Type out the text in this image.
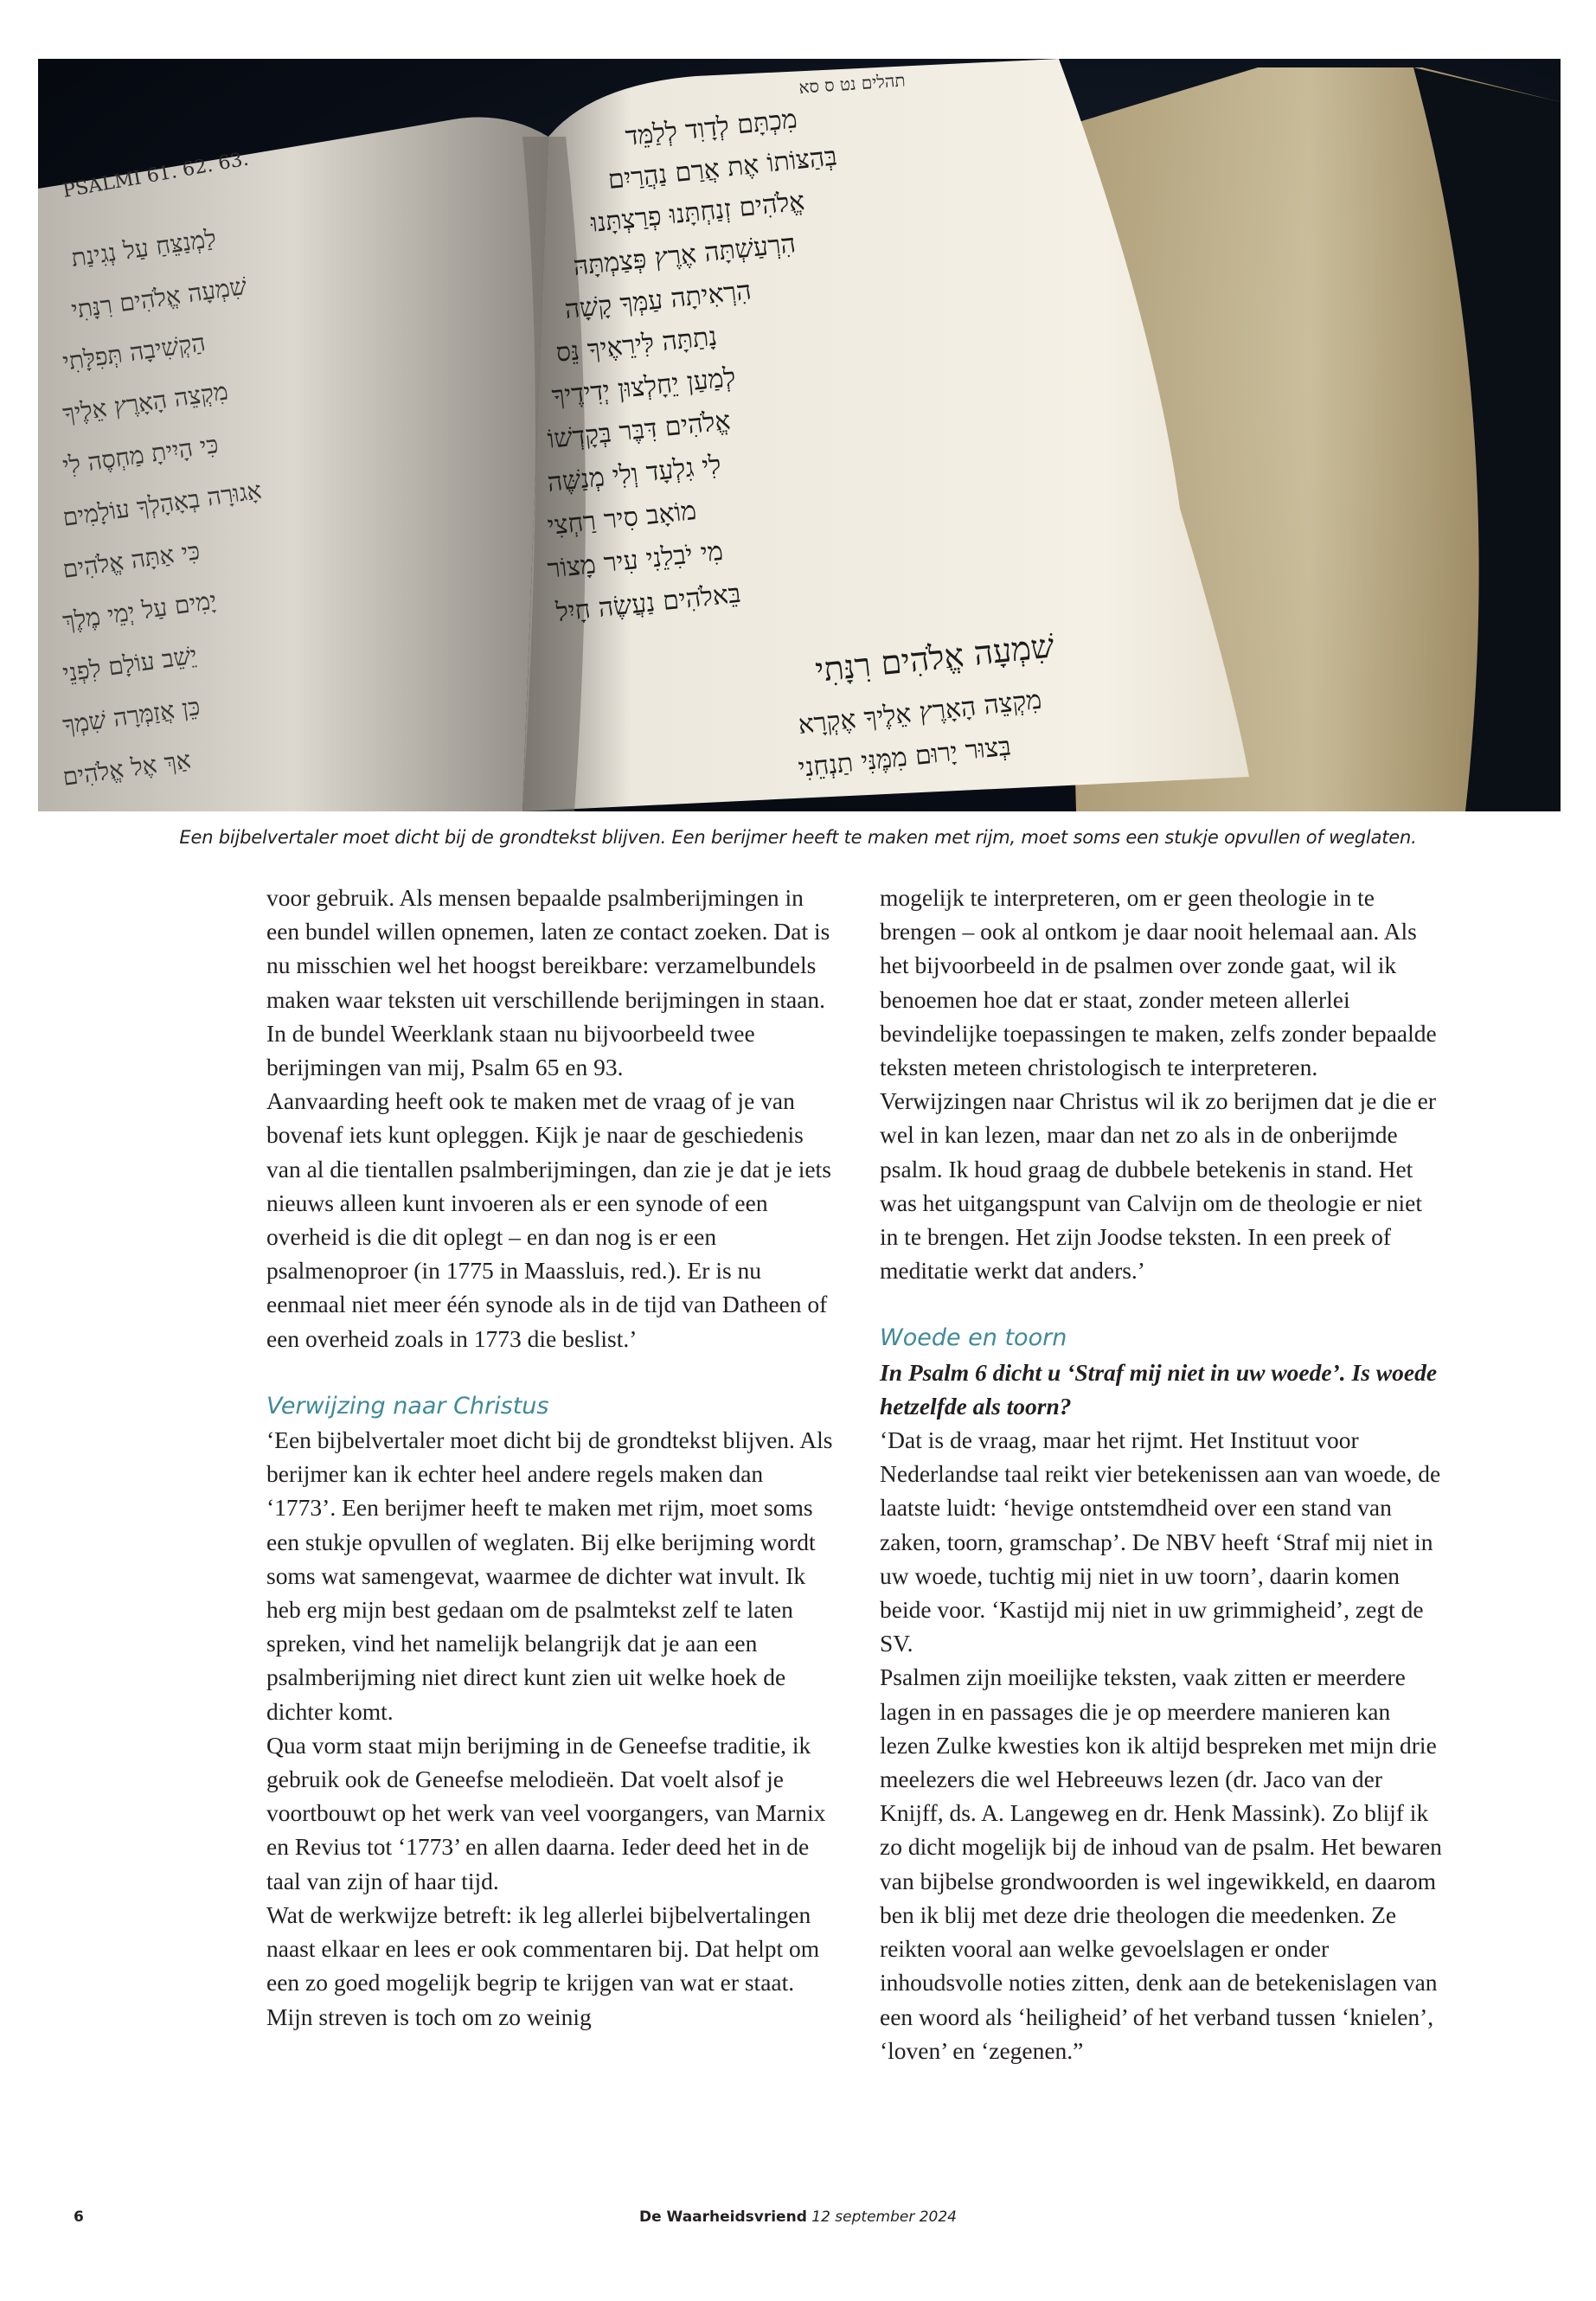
מִכְתָּם לְדָוִד לְלַמֵּד
בְּהַצּוֹתוֹ אֶת אֲרַם נַהֲרַיִם
אֱלֹהִים זְנַחְתָּנוּ פְרַצְתָּנוּ
הִרְעַשְׁתָּה אֶרֶץ פְּצַמְתָּהּ
הִרְאִיתָה עַמְּךָ קָשָׁה
נָתַתָּה לִּירֵאֶיךָ נֵּס
לְמַעַן יֵחָלְצוּן יְדִידֶיךָ
אֱלֹהִים דִּבֶּר בְּקָדְשׁוֹ
לִי גִלְעָד וְלִי מְנַשֶּׁה
מוֹאָב סִיר רַחְצִי
מִי יֹבִלֵנִי עִיר מָצוֹר
בֵּאלֹהִים נַעֲשֶׂה חָיִל
שִׁמְעָה אֱלֹהִים רִנָּתִי
מִקְצֵה הָאָרֶץ אֵלֶיךָ אֶקְרָא
בְּצוּר יָרוּם מִמֶּנִּי תַנְחֵנִי
לַמְנַצֵּחַ עַל נְגִינַת
שִׁמְעָה אֱלֹהִים רִנָּתִי
הַקְשִׁיבָה תְּפִלָּתִי
מִקְצֵה הָאָרֶץ אֵלֶיךָ
כִּי הָיִיתָ מַחְסֶה לִי
אָגוּרָה בְאָהָלְךָ עוֹלָמִים
כִּי אַתָּה אֱלֹהִים
יָמִים עַל יְמֵי מֶלֶךְ
יֵשֵׁב עוֹלָם לִפְנֵי
כֵּן אֲזַמְּרָה שִׁמְךָ
אַךְ אֶל אֱלֹהִים
PSALMI 61. 62. 63.
תהלים נט ס סא
Een bijbelvertaler moet dicht bij de grondtekst blijven. Een berijmer heeft te maken met rijm, moet soms een stukje opvullen of weglaten.

voor gebruik. Als mensen bepaalde psalmberijmingen in een bundel willen opnemen, laten ze contact zoeken. Dat is nu misschien wel het hoogst bereikbare: verzamelbundels maken waar teksten uit verschillende berijmingen in staan. In de bundel Weerklank staan nu bijvoorbeeld twee berijmingen van mij, Psalm 65 en 93.

Aanvaarding heeft ook te maken met de vraag of je van bovenaf iets kunt opleggen. Kijk je naar de geschiedenis van al die tientallen psalmberijmingen, dan zie je dat je iets nieuws alleen kunt invoeren als er een synode of een overheid is die dit oplegt – en dan nog is er een psalmenoproer (in 1775 in Maassluis, red.). Er is nu eenmaal niet meer één synode als in de tijd van Datheen of een overheid zoals in 1773 die beslist.’

Verwijzing naar Christus

‘Een bijbelvertaler moet dicht bij de grondtekst blijven. Als berijmer kan ik echter heel andere regels maken dan ‘1773’. Een berijmer heeft te maken met rijm, moet soms een stukje opvullen of weglaten. Bij elke berijming wordt soms wat samengevat, waarmee de dichter wat invult. Ik heb erg mijn best gedaan om de psalmtekst zelf te laten spreken, vind het namelijk belangrijk dat je aan een psalmberijming niet direct kunt zien uit welke hoek de dichter komt.

Qua vorm staat mijn berijming in de Geneefse traditie, ik gebruik ook de Geneefse melodieën. Dat voelt alsof je voortbouwt op het werk van veel voorgangers, van Marnix en Revius tot ‘1773’ en allen daarna. Ieder deed het in de taal van zijn of haar tijd.

Wat de werkwijze betreft: ik leg allerlei bijbelvertalingen naast elkaar en lees er ook commentaren bij. Dat helpt om een zo goed mogelijk begrip te krijgen van wat er staat. Mijn streven is toch om zo weinig

mogelijk te interpreteren, om er geen theologie in te brengen – ook al ontkom je daar nooit helemaal aan. Als het bijvoorbeeld in de psalmen over zonde gaat, wil ik benoemen hoe dat er staat, zonder meteen allerlei bevindelijke toepassingen te maken, zelfs zonder bepaalde teksten meteen christologisch te interpreteren. Verwijzingen naar Christus wil ik zo berijmen dat je die er wel in kan lezen, maar dan net zo als in de onberijmde psalm. Ik houd graag de dubbele betekenis in stand. Het was het uitgangspunt van Calvijn om de theologie er niet in te brengen. Het zijn Joodse teksten. In een preek of meditatie werkt dat anders.’

Woede en toorn

In Psalm 6 dicht u ‘Straf mij niet in uw woede’. Is woede hetzelfde als toorn?

‘Dat is de vraag, maar het rijmt. Het Instituut voor Nederlandse taal reikt vier betekenissen aan van woede, de laatste luidt: ‘hevige ontstemdheid over een stand van zaken, toorn, gramschap’. De NBV heeft ‘Straf mij niet in uw woede, tuchtig mij niet in uw toorn’, daarin komen beide voor. ‘Kastijd mij niet in uw grimmigheid’, zegt de SV.

Psalmen zijn moeilijke teksten, vaak zitten er meerdere lagen in en passages die je op meerdere manieren kan lezen Zulke kwesties kon ik altijd bespreken met mijn drie meelezers die wel Hebreeuws lezen (dr. Jaco van der Knijff, ds. A. Langeweg en dr. Henk Massink). Zo blijf ik zo dicht mogelijk bij de inhoud van de psalm. Het bewaren van bijbelse grondwoorden is wel ingewikkeld, en daarom ben ik blij met deze drie theologen die meedenken. Ze reikten vooral aan welke gevoelslagen er onder inhoudsvolle noties zitten, denk aan de betekenislagen van een woord als ‘heiligheid’ of het verband tussen ‘knielen’, ‘loven’ en ‘zegenen.”

6	De Waarheidsvriend 12 september 2024
